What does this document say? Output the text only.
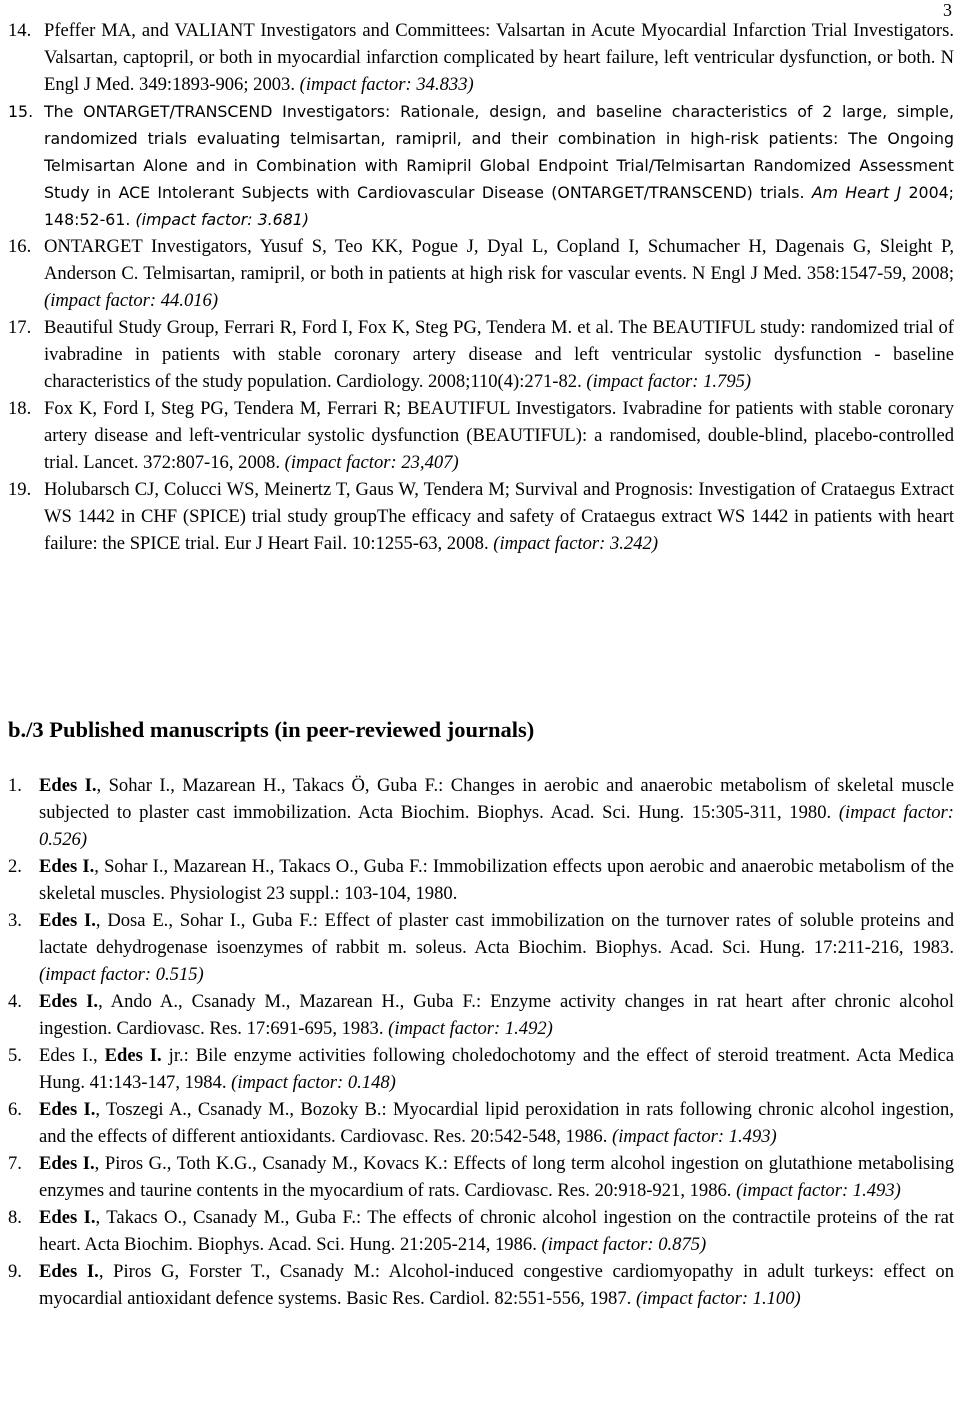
3

14. Pfeffer MA, and VALIANT Investigators and Committees: Valsartan in Acute Myocardial Infarction Trial Investigators. Valsartan, captopril, or both in myocardial infarction complicated by heart failure, left ventricular dysfunction, or both. N Engl J Med. 349:1893-906; 2003. (impact factor: 34.833)

15. The ONTARGET/TRANSCEND Investigators: Rationale, design, and baseline characteristics of 2 large, simple, randomized trials evaluating telmisartan, ramipril, and their combination in high-risk patients: The Ongoing Telmisartan Alone and in Combination with Ramipril Global Endpoint Trial/Telmisartan Randomized Assessment Study in ACE Intolerant Subjects with Cardiovascular Disease (ONTARGET/TRANSCEND) trials. Am Heart J 2004; 148:52-61. (impact factor: 3.681)

16. ONTARGET Investigators, Yusuf S, Teo KK, Pogue J, Dyal L, Copland I, Schumacher H, Dagenais G, Sleight P, Anderson C. Telmisartan, ramipril, or both in patients at high risk for vascular events. N Engl J Med. 358:1547-59, 2008; (impact factor: 44.016)

17. Beautiful Study Group, Ferrari R, Ford I, Fox K, Steg PG, Tendera M. et al. The BEAUTIFUL study: randomized trial of ivabradine in patients with stable coronary artery disease and left ventricular systolic dysfunction - baseline characteristics of the study population. Cardiology. 2008;110(4):271-82. (impact factor: 1.795)

18. Fox K, Ford I, Steg PG, Tendera M, Ferrari R; BEAUTIFUL Investigators. Ivabradine for patients with stable coronary artery disease and left-ventricular systolic dysfunction (BEAUTIFUL): a randomised, double-blind, placebo-controlled trial. Lancet. 372:807-16, 2008. (impact factor: 23,407)

19. Holubarsch CJ, Colucci WS, Meinertz T, Gaus W, Tendera M; Survival and Prognosis: Investigation of Crataegus Extract WS 1442 in CHF (SPICE) trial study groupThe efficacy and safety of Crataegus extract WS 1442 in patients with heart failure: the SPICE trial. Eur J Heart Fail. 10:1255-63, 2008. (impact factor: 3.242)

b./3 Published manuscripts (in peer-reviewed journals)

1. Edes I., Sohar I., Mazarean H., Takacs Ö, Guba F.: Changes in aerobic and anaerobic metabolism of skeletal muscle subjected to plaster cast immobilization. Acta Biochim. Biophys. Acad. Sci. Hung. 15:305-311, 1980. (impact factor: 0.526)

2. Edes I., Sohar I., Mazarean H., Takacs O., Guba F.: Immobilization effects upon aerobic and anaerobic metabolism of the skeletal muscles. Physiologist 23 suppl.: 103-104, 1980.

3. Edes I., Dosa E., Sohar I., Guba F.: Effect of plaster cast immobilization on the turnover rates of soluble proteins and lactate dehydrogenase isoenzymes of rabbit m. soleus. Acta Biochim. Biophys. Acad. Sci. Hung. 17:211-216, 1983. (impact factor: 0.515)

4. Edes I., Ando A., Csanady M., Mazarean H., Guba F.: Enzyme activity changes in rat heart after chronic alcohol ingestion. Cardiovasc. Res. 17:691-695, 1983. (impact factor: 1.492)

5. Edes I., Edes I. jr.: Bile enzyme activities following choledochotomy and the effect of steroid treatment. Acta Medica Hung. 41:143-147, 1984. (impact factor: 0.148)

6. Edes I., Toszegi A., Csanady M., Bozoky B.: Myocardial lipid peroxidation in rats following chronic alcohol ingestion, and the effects of different antioxidants. Cardiovasc. Res. 20:542-548, 1986. (impact factor: 1.493)

7. Edes I., Piros G., Toth K.G., Csanady M., Kovacs K.: Effects of long term alcohol ingestion on glutathione metabolising enzymes and taurine contents in the myocardium of rats. Cardiovasc. Res. 20:918-921, 1986. (impact factor: 1.493)

8. Edes I., Takacs O., Csanady M., Guba F.: The effects of chronic alcohol ingestion on the contractile proteins of the rat heart. Acta Biochim. Biophys. Acad. Sci. Hung. 21:205-214, 1986. (impact factor: 0.875)

9. Edes I., Piros G, Forster T., Csanady M.: Alcohol-induced congestive cardiomyopathy in adult turkeys: effect on myocardial antioxidant defence systems. Basic Res. Cardiol. 82:551-556, 1987. (impact factor: 1.100)
